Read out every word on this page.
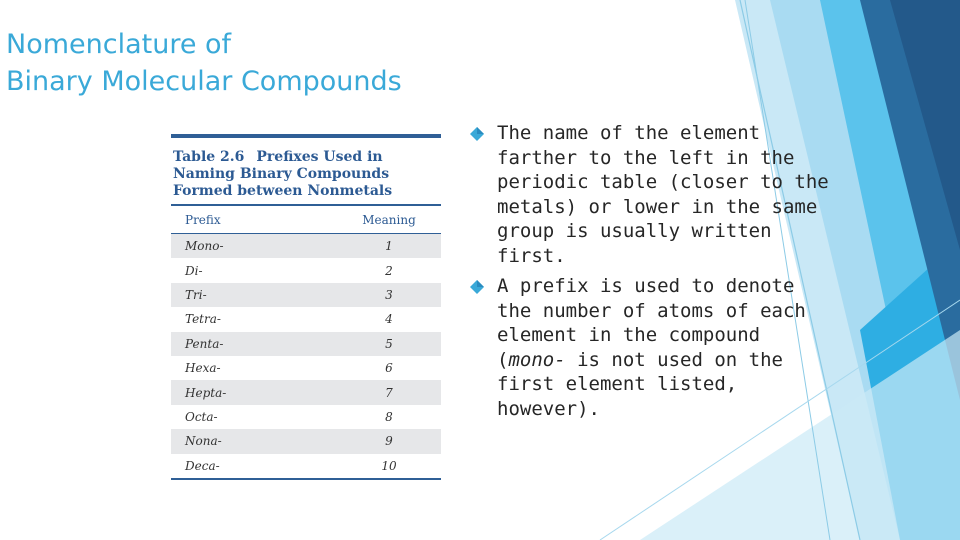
Nomenclature of
Binary Molecular Compounds
Table 2.6 Prefixes Used in
Naming Binary Compounds
Formed between Nonmetals
Prefix	Meaning
Mono-	1
Di-	2
Tri-	3
Tetra-	4
Penta-	5
Hexa-	6
Hepta-	7
Octa-	8
Nona-	9
Deca-	10
The name of the element farther to the left in the periodic table (closer to the metals) or lower in the same group is usually written first.
A prefix is used to denote the number of atoms of each element in the compound (mono- is not used on the first element listed, however).
